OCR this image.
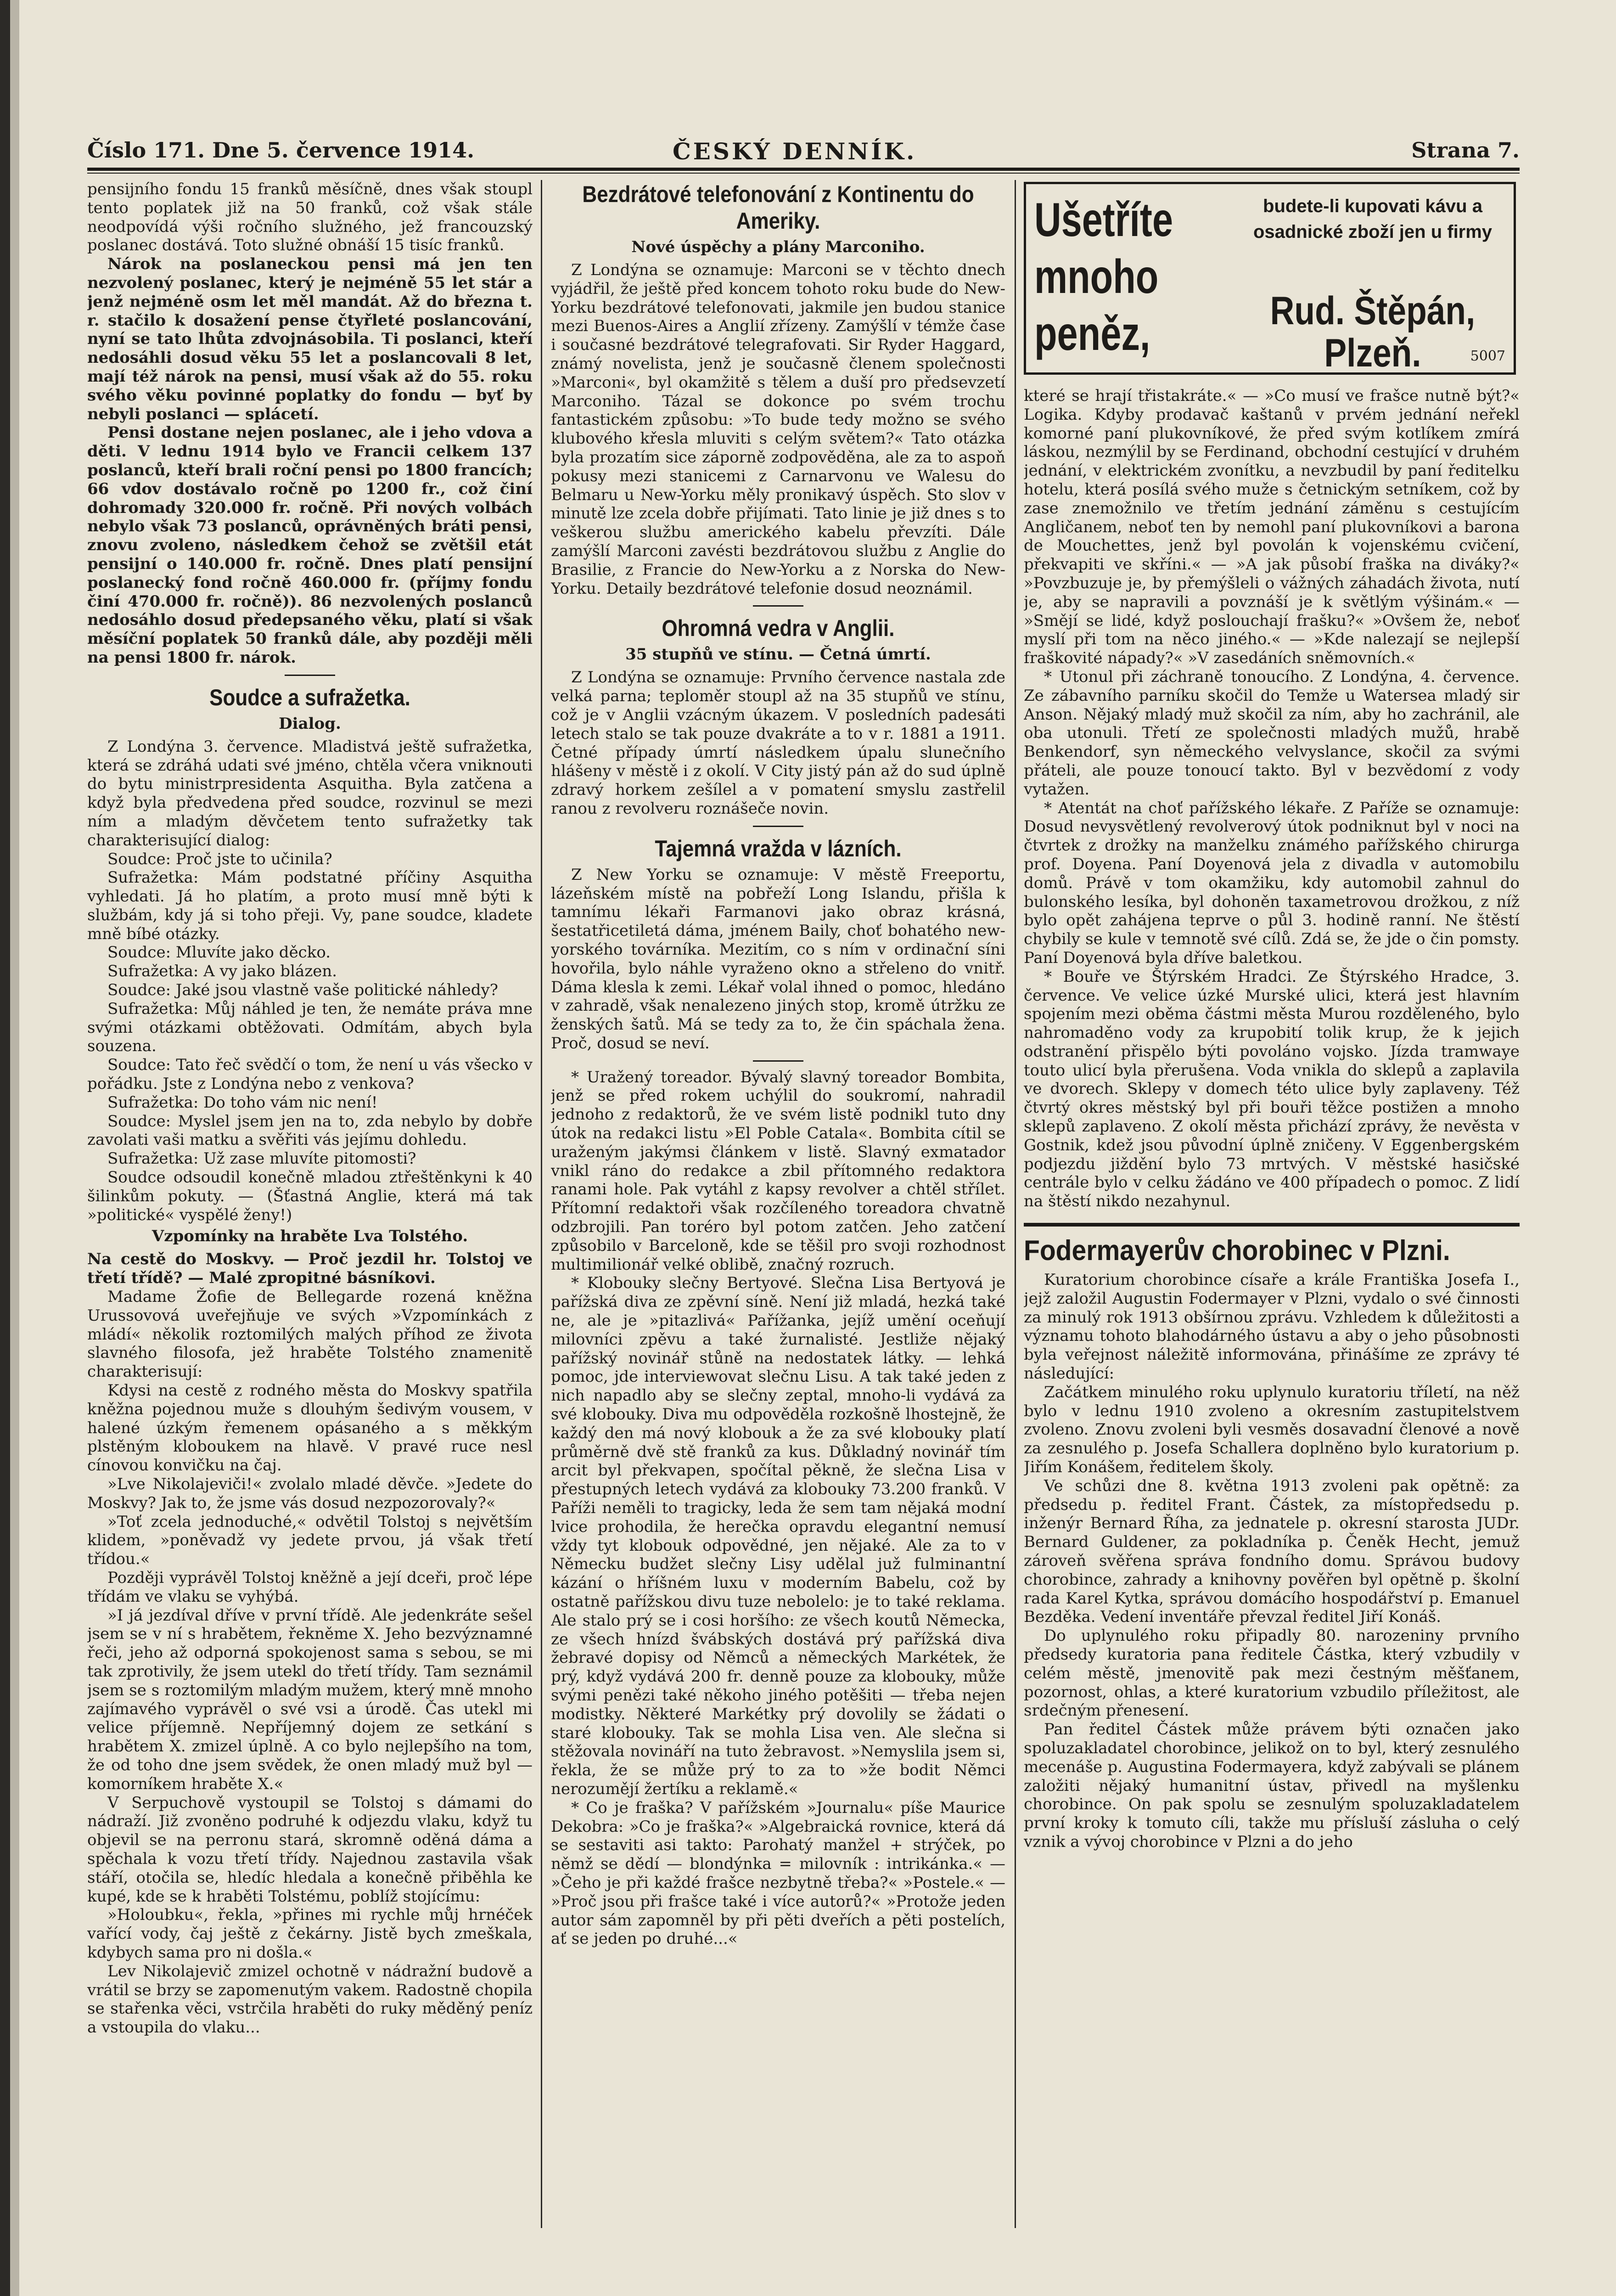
Číslo 171. Dne 5. července 1914.	ČESKÝ DENNÍK.	Strana 7.

pensijního fondu 15 franků měsíčně, dnes však stoupl tento poplatek již na 50 franků, což však stále neodpovídá výši ročního služného, jež francouzský poslanec dostává. Toto služné obnáší 15 tisíc franků.

Nárok na poslaneckou pensi má jen ten nezvolený poslanec, který je nejméně 55 let stár a jenž nejméně osm let měl mandát. Až do března t. r. stačilo k dosažení pense čtyřleté poslancování, nyní se tato lhůta zdvojnásobila. Ti poslanci, kteří nedosáhli dosud věku 55 let a poslancovali 8 let, mají též nárok na pensi, musí však až do 55. roku svého věku povinné poplatky do fondu — byť by nebyli poslanci — splácetí.

Pensi dostane nejen poslanec, ale i jeho vdova a děti. V lednu 1914 bylo ve Francii celkem 137 poslanců, kteří brali roční pensi po 1800 francích; 66 vdov dostávalo ročně po 1200 fr., což činí dohromady 320.000 fr. ročně. Při nových volbách nebylo však 73 poslanců, oprávněných bráti pensi, znovu zvoleno, následkem čehož se zvětšil etát pensijní o 140.000 fr. ročně. Dnes platí pensijní poslanecký fond ročně 460.000 fr. (příjmy fondu činí 470.000 fr. ročně)). 86 nezvolených poslanců nedosáhlo dosud předepsaného věku, platí si však měsíční poplatek 50 franků dále, aby později měli na pensi 1800 fr. nárok.

Soudce a sufražetka.
Dialog.

Z Londýna 3. července. Mladistvá ještě sufražetka, která se zdráhá udati své jméno, chtěla včera vniknouti do bytu ministrpresidenta Asquitha. Byla zatčena a když byla předvedena před soudce, rozvinul se mezi ním a mladým děvčetem tento sufražetky tak charakterisující dialog:

Soudce: Proč jste to učinila?

Sufražetka: Mám podstatné příčiny Asquitha vyhledati. Já ho platím, a proto musí mně býti k službám, kdy já si toho přeji. Vy, pane soudce, kladete mně bíbé otázky.

Soudce: Mluvíte jako děcko.

Sufražetka: A vy jako blázen.

Soudce: Jaké jsou vlastně vaše politické náhledy?

Sufražetka: Můj náhled je ten, že nemáte práva mne svými otázkami obtěžovati. Odmítám, abych byla souzena.

Soudce: Tato řeč svědčí o tom, že není u vás všecko v pořádku. Jste z Londýna nebo z venkova?

Sufražetka: Do toho vám nic není!

Soudce: Myslel jsem jen na to, zda nebylo by dobře zavolati vaši matku a svěřiti vás jejímu dohledu.

Sufražetka: Už zase mluvíte pitomosti?

Soudce odsoudil konečně mladou ztřeštěnkyni k 40 šilinkům pokuty. — (Šťastná Anglie, která má tak »politické« vyspělé ženy!)

Vzpomínky na hraběte Lva Tolstého.

Na cestě do Moskvy. — Proč jezdil hr. Tolstoj ve třetí třídě? — Malé zpropitné básníkovi.

Madame Žofie de Bellegarde rozená kněžna Urussovová uveřejňuje ve svých »Vzpomínkách z mládí« několik roztomilých malých příhod ze života slavného filosofa, jež hraběte Tolstého znamenitě charakterisují:

Kdysi na cestě z rodného města do Moskvy spatřila kněžna pojednou muže s dlouhým šedivým vousem, v halené úzkým řemenem opásaného a s měkkým plstěným kloboukem na hlavě. V pravé ruce nesl cínovou konvičku na čaj.

»Lve Nikolajeviči!« zvolalo mladé děvče. »Jedete do Moskvy? Jak to, že jsme vás dosud nezpozorovaly?«

»Toť zcela jednoduché,« odvětil Tolstoj s největším klidem, »poněvadž vy jedete prvou, já však třetí třídou.«

Později vyprávěl Tolstoj kněžně a její dceři, proč lépe třídám ve vlaku se vyhýbá.

»I já jezdíval dříve v první třídě. Ale jedenkráte sešel jsem se v ní s hrabětem, řekněme X. Jeho bezvýznamné řeči, jeho až odporná spokojenost sama s sebou, se mi tak zprotivily, že jsem utekl do třetí třídy. Tam seznámil jsem se s roztomilým mladým mužem, který mně mnoho zajímavého vyprávěl o své vsi a úrodě. Čas utekl mi velice příjemně. Nepříjemný dojem ze setkání s hrabětem X. zmizel úplně. A co bylo nejlepšího na tom, že od toho dne jsem svědek, že onen mladý muž byl — komorníkem hraběte X.«

V Serpuchově vystoupil se Tolstoj s dámami do nádraží. Již zvoněno podruhé k odjezdu vlaku, když tu objevil se na perronu stará, skromně oděná dáma a spěchala k vozu třetí třídy. Najednou zastavila však stáří, otočila se, hledíc hledala a konečně přiběhla ke kupé, kde se k hraběti Tolstému, poblíž stojícímu:

»Holoubku«, řekla, »přines mi rychle můj hrnéček vařící vody, čaj ještě z čekárny. Jistě bych zmeškala, kdybych sama pro ni došla.«

Lev Nikolajevič zmizel ochotně v nádražní budově a vrátil se brzy se zapomenutým vakem. Radostně chopila se stařenka věci, vstrčila hraběti do ruky měděný peníz a vstoupila do vlaku...

Bezdrátové telefonování z Kontinentu do Ameriky.
Nové úspěchy a plány Marconiho.

Z Londýna se oznamuje: Marconi se v těchto dnech vyjádřil, že ještě před koncem tohoto roku bude do New-Yorku bezdrátové telefonovati, jakmile jen budou stanice mezi Buenos-Aires a Anglií zřízeny. Zamýšlí v témže čase i současné bezdrátové telegrafovati. Sir Ryder Haggard, známý novelista, jenž je současně členem společnosti »Marconi«, byl okamžitě s tělem a duší pro předsevzetí Marconiho. Tázal se dokonce po svém trochu fantastickém způsobu: »To bude tedy možno se svého klubového křesla mluviti s celým světem?« Tato otázka byla prozatím sice záporně zodpověděna, ale za to aspoň pokusy mezi stanicemi z Carnarvonu ve Walesu do Belmaru u New-Yorku měly pronikavý úspěch. Sto slov v minutě lze zcela dobře přijímati. Tato linie je již dnes s to veškerou službu amerického kabelu převzíti. Dále zamýšlí Marconi zavésti bezdrátovou službu z Anglie do Brasilie, z Francie do New-Yorku a z Norska do New-Yorku. Detaily bezdrátové telefonie dosud neoznámil.

Ohromná vedra v Anglii.
35 stupňů ve stínu. — Četná úmrtí.

Z Londýna se oznamuje: Prvního července nastala zde velká parna; teploměr stoupl až na 35 stupňů ve stínu, což je v Anglii vzácným úkazem. V posledních padesáti letech stalo se tak pouze dvakráte a to v r. 1881 a 1911. Četné případy úmrtí následkem úpalu slunečního hlášeny v městě i z okolí. V City jistý pán až do sud úplně zdravý horkem zešílel a v pomatení smyslu zastřelil ranou z revolveru roznášeče novin.

Tajemná vražda v lázních.

Z New Yorku se oznamuje: V městě Freeportu, lázeňském místě na pobřeží Long Islandu, přišla k tamnímu lékaři Farmanovi jako obraz krásná, šestatřicetiletá dáma, jménem Baily, choť bohatého new-yorského továrníka. Mezitím, co s ním v ordinační síni hovořila, bylo náhle vyraženo okno a střeleno do vnitř. Dáma klesla k zemi. Lékař volal ihned o pomoc, hledáno v zahradě, však nenalezeno jiných stop, kromě útržku ze ženských šatů. Má se tedy za to, že čin spáchala žena. Proč, dosud se neví.

* Uražený toreador. Bývalý slavný toreador Bombita, jenž se před rokem uchýlil do soukromí, nahradil jednoho z redaktorů, že ve svém listě podnikl tuto dny útok na redakci listu »El Poble Catala«. Bombita cítil se uraženým jakýmsi článkem v listě. Slavný exmatador vnikl ráno do redakce a zbil přítomného redaktora ranami hole. Pak vytáhl z kapsy revolver a chtěl střílet. Přítomní redaktoři však rozčíleného toreadora chvatně odzbrojili. Pan toréro byl potom zatčen. Jeho zatčení způsobilo v Barceloně, kde se těšil pro svoji rozhodnost multimilionář velké oblibě, značný rozruch.

* Klobouky slečny Bertyové. Slečna Lisa Bertyová je pařížská diva ze zpěvní síně. Není již mladá, hezká také ne, ale je »pitazlivá« Pařížanka, jejíž umění oceňují milovníci zpěvu a také žurnalisté. Jestliže nějaký pařížský novinář stůně na nedostatek látky. — lehká pomoc, jde interviewovat slečnu Lisu. A tak také jeden z nich napadlo aby se slečny zeptal, mnoho-li vydává za své klobouky. Diva mu odpověděla rozkošně lhostejně, že každý den má nový klobouk a že za své klobouky platí průměrně dvě stě franků za kus. Důkladný novinář tím arcit byl překvapen, spočítal pěkně, že slečna Lisa v přestupných letech vydává za klobouky 73.200 franků. V Paříži neměli to tragicky, leda že sem tam nějaká modní lvice prohodila, že herečka opravdu elegantní nemusí vždy tyt klobouk odpovědné, jen nějaké. Ale za to v Německu budžet slečny Lisy udělal juž fulminantní kázání o hříšném luxu v moderním Babelu, což by ostatně pařížskou divu tuze nebolelo: je to také reklama. Ale stalo prý se i cosi horšího: ze všech koutů Německa, ze všech hnízd švábských dostává prý pařížská diva žebravé dopisy od Němců a německých Markétek, že prý, když vydává 200 fr. denně pouze za klobouky, může svými penězi také někoho jiného potěšiti — třeba nejen modistky. Některé Markétky prý dovolily se žádati o staré klobouky. Tak se mohla Lisa ven. Ale slečna si stěžovala novináří na tuto žebravost. »Nemyslila jsem si, řekla, že se může prý to za to »že bodit Němci nerozumějí žertíku a reklamě.«

* Co je fraška? V pařížském »Journalu« píše Maurice Dekobra: »Co je fraška?« »Algebraická rovnice, která dá se sestaviti asi takto: Parohatý manžel + strýček, po němž se dědí — blondýnka = milovník : intrikánka.« — »Čeho je při každé frašce nezbytně třeba?« »Postele.« — »Proč jsou při frašce také i více autorů?« »Protože jeden autor sám zapomněl by při pěti dveřích a pěti postelích, ať se jeden po druhé...«

Ušetříte mnoho peněz,
budete-li kupovati kávu a osadnické zboží jen u firmy
Rud. Štěpán, Plzeň.	5007

které se hrají třistakráte.« — »Co musí ve frašce nutně být?« Logika. Kdyby prodavač kaštanů v prvém jednání neřekl komorné paní plukovníkové, že před svým kotlíkem zmírá láskou, nezmýlil by se Ferdinand, obchodní cestující v druhém jednání, v elektrickém zvonítku, a nevzbudil by paní ředitelku hotelu, která posílá svého muže s četnickým setníkem, což by zase znemožnilo ve třetím jednání záměnu s cestujícím Angličanem, neboť ten by nemohl paní plukovníkovi a barona de Mouchettes, jenž byl povolán k vojenskému cvičení, překvapiti ve skříni.« — »A jak působí fraška na diváky?« »Povzbuzuje je, by přemýšleli o vážných záhadách života, nutí je, aby se napravili a povznáší je k světlým výšinám.« — »Smějí se lidé, když poslouchají frašku?« »Ovšem že, neboť myslí při tom na něco jiného.« — »Kde nalezají se nejlepší fraškovité nápady?« »V zasedáních sněmovních.«

* Utonul při záchraně tonoucího. Z Londýna, 4. července. Ze zábavního parníku skočil do Temže u Watersea mladý sir Anson. Nějaký mladý muž skočil za ním, aby ho zachránil, ale oba utonuli. Třetí ze společnosti mladých mužů, hrabě Benkendorf, syn německého velvyslance, skočil za svými přáteli, ale pouze tonoucí takto. Byl v bezvědomí z vody vytažen.

* Atentát na choť pařížského lékaře. Z Paříže se oznamuje: Dosud nevysvětlený revolverový útok podniknut byl v noci na čtvrtek z drožky na manželku známého pařížského chirurga prof. Doyena. Paní Doyenová jela z divadla v automobilu domů. Právě v tom okamžiku, kdy automobil zahnul do bulonského lesíka, byl dohoněn taxametrovou drožkou, z níž bylo opět zahájena teprve o půl 3. hodině ranní. Ne štěstí chybily se kule v temnotě své cílů. Zdá se, že jde o čin pomsty. Paní Doyenová byla dříve baletkou.

* Bouře ve Štýrském Hradci. Ze Štýrského Hradce, 3. července. Ve velice úzké Murské ulici, která jest hlavním spojením mezi oběma částmi města Murou rozděleného, bylo nahromaděno vody za krupobití tolik krup, že k jejich odstranění přispělo býti povoláno vojsko. Jízda tramwaye touto ulicí byla přerušena. Voda vnikla do sklepů a zaplavila ve dvorech. Sklepy v domech této ulice byly zaplaveny. Též čtvrtý okres městský byl při bouři těžce postižen a mnoho sklepů zaplaveno. Z okolí města přichází zprávy, že nevěsta v Gostnik, kdež jsou původní úplně zničeny. V Eggenbergském podjezdu jiždění bylo 73 mrtvých. V městské hasičské centrále bylo v celku žádáno ve 400 případech o pomoc. Z lidí na štěstí nikdo nezahynul.

Fodermayerův chorobinec v Plzni.

Kuratorium chorobince císaře a krále Františka Josefa I., jejž založil Augustin Fodermayer v Plzni, vydalo o své činnosti za minulý rok 1913 obšírnou zprávu. Vzhledem k důležitosti a významu tohoto blahodárného ústavu a aby o jeho působnosti byla veřejnost náležitě informována, přinášíme ze zprávy té následující:

Začátkem minulého roku uplynulo kuratoriu tříletí, na něž bylo v lednu 1910 zvoleno a okresním zastupitelstvem zvoleno. Znovu zvoleni byli vesměs dosavadní členové a nově za zesnulého p. Josefa Schallera doplněno bylo kuratorium p. Jiřím Konášem, ředitelem školy.

Ve schůzi dne 8. května 1913 zvoleni pak opětně: za předsedu p. ředitel Frant. Částek, za místopředsedu p. inženýr Bernard Říha, za jednatele p. okresní starosta JUDr. Bernard Guldener, za pokladníka p. Čeněk Hecht, jemuž zároveň svěřena správa fondního domu. Správou budovy chorobince, zahrady a knihovny pověřen byl opětně p. školní rada Karel Kytka, správou domácího hospodářství p. Emanuel Bezděka. Vedení inventáře převzal ředitel Jiří Konáš.

Do uplynulého roku připadly 80. narozeniny prvního předsedy kuratoria pana ředitele Částka, který vzbudily v celém městě, jmenovitě pak mezi čestným měšťanem, pozornost, ohlas, a které kuratorium vzbudilo příležitost, ale srdečným přenesení.

Pan ředitel Částek může právem býti označen jako spoluzakladatel chorobince, jelikož on to byl, který zesnulého mecenáše p. Augustina Fodermayera, když zabývali se plánem založiti nějaký humanitní ústav, přivedl na myšlenku chorobince. On pak spolu se zesnulým spoluzakladatelem první kroky k tomuto cíli, takže mu přísluší zásluha o celý vznik a vývoj chorobince v Plzni a do jeho
